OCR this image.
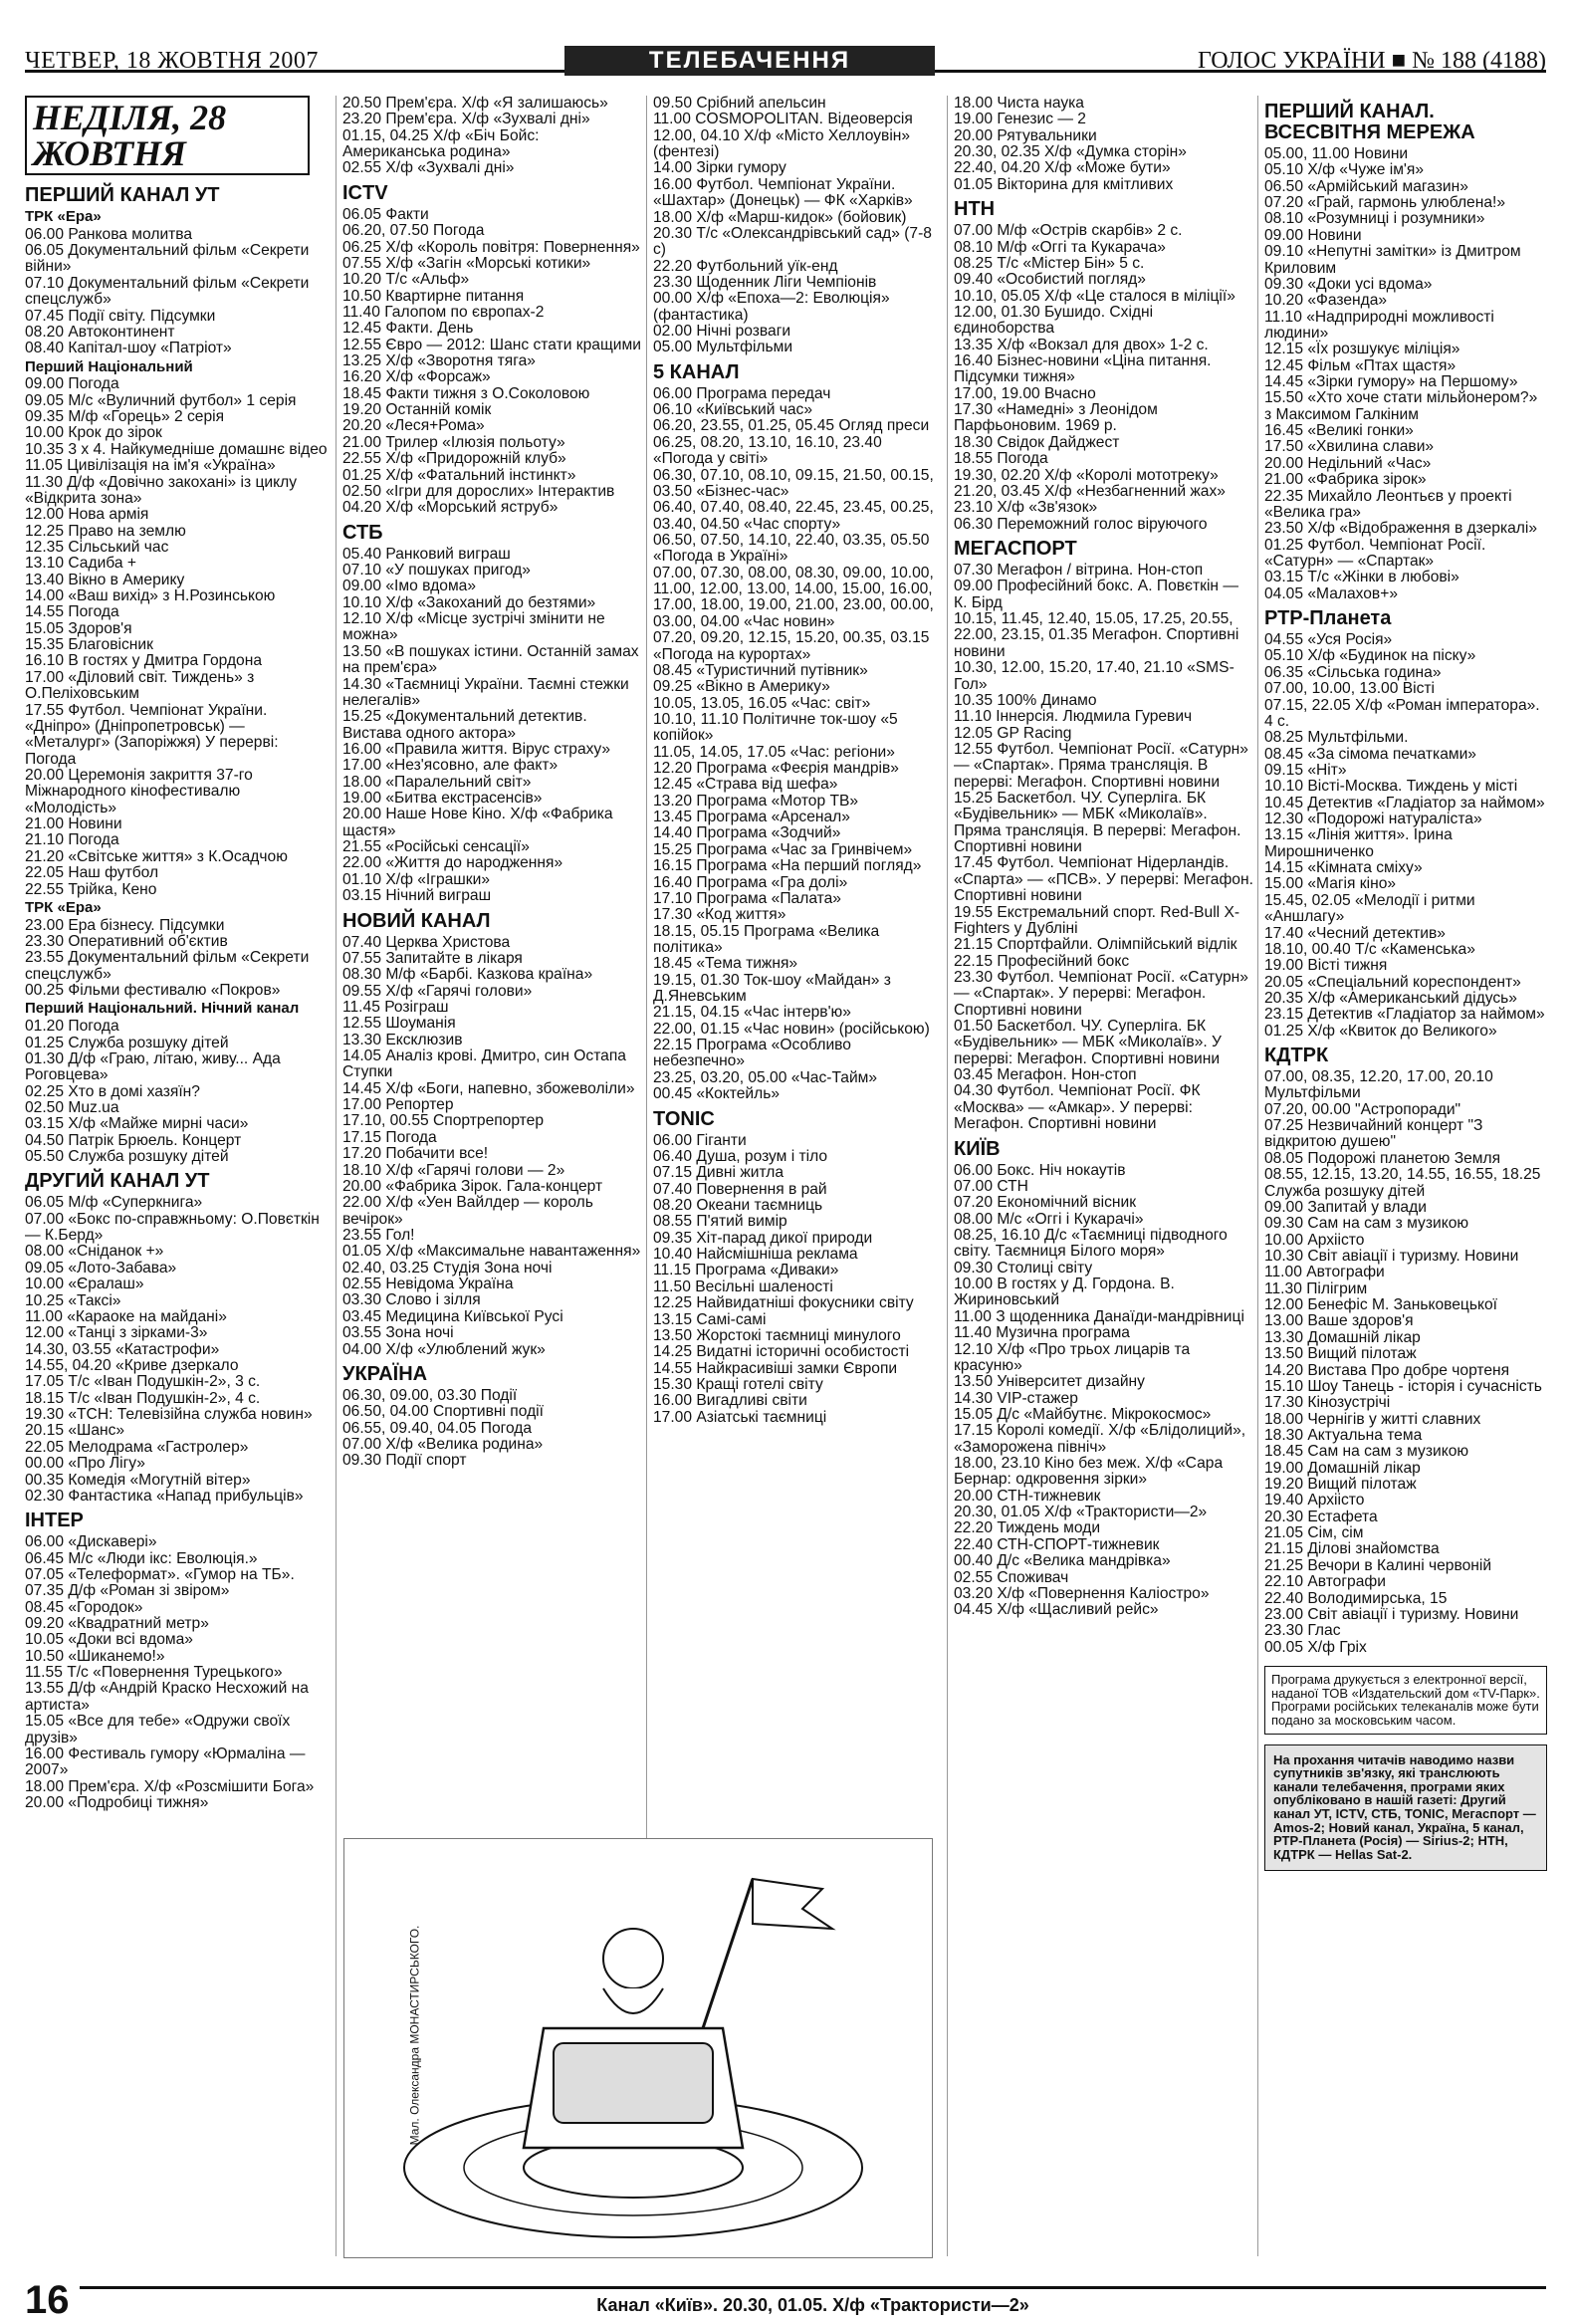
ЧЕТВЕР, 18 ЖОВТНЯ 2007	ТЕЛЕБАЧЕННЯ	ГОЛОС УКРАЇНИ ■ № 188 (4188)
НЕДІЛЯ, 28 ЖОВТНЯ
ПЕРШИЙ КАНАЛ УТ
ТРК «Ера»
06.00 Ранкова молитва
06.05 Документальний фільм «Секрети війни»
07.10 Документальний фільм «Секрети спецслужб»
07.45 Події світу. Підсумки
08.20 Автоконтинент
08.40 Капітал-шоу «Патріот»
Перший Національний
09.00 Погода
09.05 М/с «Вуличний футбол» 1 серія
09.35 М/ф «Горець» 2 серія
10.00 Крок до зірок
10.35 3 х 4. Найкумедніше домашнє відео
11.05 Цивілізація на ім'я «Україна»
11.30 Д/ф «Довічно закохані» із циклу «Відкрита зона»
12.00 Нова армія
12.25 Право на землю
12.35 Сільський час
13.10 Садиба +
13.40 Вікно в Америку
14.00 «Ваш вихід» з Н.Розинською
14.55 Погода
15.05 Здоров'я
15.35 Благовісник
16.10 В гостях у Дмитра Гордона
17.00 «Діловий світ. Тиждень» з О.Пеліховським
17.55 Футбол. Чемпіонат України. «Дніпро» (Дніпропетровськ) — «Металург» (Запоріжжя) У перерві: Погода
20.00 Церемонія закриття 37-го Міжнародного кінофестивалю «Молодість»
21.00 Новини
21.10 Погода
21.20 «Світське життя» з К.Осадчою
22.05 Наш футбол
22.55 Трійка, Кено
ТРК «Ера»
23.00 Ера бізнесу. Підсумки
23.30 Оперативний об'єктив
23.55 Документальний фільм «Секрети спецслужб»
00.25 Фільми фестивалю «Покров»
Перший Національний. Нічний канал
01.20 Погода
01.25 Служба розшуку дітей
01.30 Д/ф «Граю, літаю, живу... Ада Роговцева»
02.25 Хто в домі хазяїн?
02.50 Muz.ua
03.15 Х/ф «Майже мирні часи»
04.50 Патрік Брюель. Концерт
05.50 Служба розшуку дітей
ДРУГИЙ КАНАЛ УТ
06.05 М/ф «Суперкнига»
07.00 «Бокс по-справжньому: О.Повєткін — К.Берд»
08.00 «Сніданок +»
09.05 «Лото-Забава»
10.00 «Єралаш»
10.25 «Таксі»
11.00 «Караоке на майдані»
12.00 «Танці з зірками-3»
14.30, 03.55 «Катастрофи»
14.55, 04.20 «Криве дзеркало
17.05 Т/с «Іван Подушкін-2», 3 с.
18.15 Т/с «Іван Подушкін-2», 4 с.
19.30 «ТСН: Телевізійна служба новин»
20.15 «Шанс»
22.05 Мелодрама «Гастролер»
00.00 «Про Лігу»
00.35 Комедія «Могутній вітер»
02.30 Фантастика «Напад прибульців»
ІНТЕР
06.00 «Дискавері»
06.45 М/с «Люди ікс: Еволюція.»
07.05 «Телеформат». «Гумор на ТБ».
07.35 Д/ф «Роман зі звіром»
08.45 «Городок»
09.20 «Квадратний метр»
10.05 «Доки всі вдома»
10.50 «Шиканемо!»
11.55 Т/с «Повернення Турецького»
13.55 Д/ф «Андрій Краско Несхожий на артиста»
15.05 «Все для тебе» «Одружи своїх друзів»
16.00 Фестиваль гумору «Юрмаліна — 2007»
18.00 Прем'єра. Х/ф «Розсмішити Бога»
20.00 «Подробиці тижня»
20.50 Прем'єра. Х/ф «Я залишаюсь»
23.20 Прем'єра. Х/ф «Зухвалі дні»
01.15, 04.25 Х/ф «Біч Бойс: Американська родина»
02.55 Х/ф «Зухвалі дні»
ICTV
06.05 Факти
06.20, 07.50 Погода
06.25 Х/ф «Король повітря: Повернення»
07.55 Х/ф «Загін «Морські котики»
10.20 Т/с «Альф»
10.50 Квартирне питання
11.40 Галопом по європах-2
12.45 Факти. День
12.55 Євро — 2012: Шанс стати кращими
13.25 Х/ф «Зворотня тяга»
16.20 Х/ф «Форсаж»
18.45 Факти тижня з О.Соколовою
19.20 Останній комік
20.20 «Леся+Рома»
21.00 Трилер «Ілюзія польоту»
22.55 Х/ф «Придорожній клуб»
01.25 Х/ф «Фатальний інстинкт»
02.50 «Ігри для дорослих» Інтерактив
04.20 Х/ф «Морський яструб»
СТБ
05.40 Ранковий виграш
07.10 «У пошуках пригод»
09.00 «Імо вдома»
10.10 Х/ф «Закоханий до безтями»
12.10 Х/ф «Місце зустрічі змінити не можна»
13.50 «В пошуках істини. Останній замах на прем'єра»
14.30 «Таємниці України. Таємні стежки нелегалів»
15.25 «Документальний детектив. Вистава одного актора»
16.00 «Правила життя. Вірус страху»
17.00 «Нез'ясовно, але факт»
18.00 «Паралельний світ»
19.00 «Битва екстрасенсів»
20.00 Наше Нове Кіно. Х/ф «Фабрика щастя»
21.55 «Російські сенсації»
22.00 «Життя до народження»
01.10 Х/ф «Іграшки»
03.15 Нічний виграш
НОВИЙ КАНАЛ
07.40 Церква Христова
07.55 Запитайте в лікаря
08.30 М/ф «Барбі. Казкова країна»
09.55 Х/ф «Гарячі голови»
11.45 Розіграш
12.55 Шоуманія
13.30 Ексклюзив
14.05 Аналіз крові. Дмитро, син Остапа Ступки
14.45 Х/ф «Боги, напевно, збожеволіли»
17.00 Репортер
17.10, 00.55 Спортрепортер
17.15 Погода
17.20 Побачити все!
18.10 Х/ф «Гарячі голови — 2»
20.00 «Фабрика Зірок. Гала-концерт
22.00 Х/ф «Уен Вайлдер — король вечірок»
23.55 Гол!
01.05 Х/ф «Максимальне навантаження»
02.40, 03.25 Студія Зона ночі
02.55 Невідома Україна
03.30 Слово і зілля
03.45 Медицина Київської Русі
03.55 Зона ночі
04.00 Х/ф «Улюблений жук»
УКРАЇНА
06.30, 09.00, 03.30 Події
06.50, 04.00 Спортивні події
06.55, 09.40, 04.05 Погода
07.00 Х/ф «Велика родина»
09.30 Події спорт
09.50 Срібний апельсин
11.00 COSMOPOLITAN. Відеоверсія
12.00, 04.10 Х/ф «Місто Хеллоувін» (фентезі)
14.00 Зірки гумору
16.00 Футбол. Чемпіонат України. «Шахтар» (Донецьк) — ФК «Харків»
18.00 Х/ф «Марш-кидок» (бойовик)
20.30 Т/с «Олександрівський сад» (7-8 с)
22.20 Футбольний уїк-енд
23.30 Щоденник Ліги Чемпіонів
00.00 Х/ф «Епоха—2: Еволюція» (фантастика)
02.00 Нічні розваги
05.00 Мультфільми
5 КАНАЛ
06.00 Програма передач
06.10 «Київський час»
06.20, 23.55, 01.25, 05.45 Огляд преси
06.25, 08.20, 13.10, 16.10, 23.40 «Погода у світі»
06.30, 07.10, 08.10, 09.15, 21.50, 00.15, 03.50 «Бізнес-час»
06.40, 07.40, 08.40, 22.45, 23.45, 00.25, 03.40, 04.50 «Час спорту»
06.50, 07.50, 14.10, 22.40, 03.35, 05.50 «Погода в Україні»
07.00, 07.30, 08.00, 08.30, 09.00, 10.00, 11.00, 12.00, 13.00, 14.00, 15.00, 16.00, 17.00, 18.00, 19.00, 21.00, 23.00, 00.00, 03.00, 04.00 «Час новин»
07.20, 09.20, 12.15, 15.20, 00.35, 03.15 «Погода на курортах»
08.45 «Туристичний путівник»
09.25 «Вікно в Америку»
10.05, 13.05, 16.05 «Час: світ»
10.10, 11.10 Політичне ток-шоу «5 копійок»
11.05, 14.05, 17.05 «Час: регіони»
12.20 Програма «Феєрія мандрів»
12.45 «Страва від шефа»
13.20 Програма «Мотор ТВ»
13.45 Програма «Арсенал»
14.40 Програма «Зодчий»
15.25 Програма «Час за Гринвічем»
16.15 Програма «На перший погляд»
16.40 Програма «Гра долі»
17.10 Програма «Палата»
17.30 «Код життя»
18.15, 05.15 Програма «Велика політика»
18.45 «Тема тижня»
19.15, 01.30 Ток-шоу «Майдан» з Д.Яневським
21.15, 04.15 «Час інтерв'ю»
22.00, 01.15 «Час новин» (російською)
22.15 Програма «Особливо небезпечно»
23.25, 03.20, 05.00 «Час-Тайм»
00.45 «Коктейль»
TONIC
06.00 Гіганти
06.40 Душа, розум і тіло
07.15 Дивні житла
07.40 Повернення в рай
08.20 Океани таємниць
08.55 П'ятий вимір
09.35 Хіт-парад дикої природи
10.40 Найсмішніша реклама
11.15 Програма «Диваки»
11.50 Весільні шаленості
12.25 Найвидатніші фокусники світу
13.15 Самі-самі
13.50 Жорстокі таємниці минулого
14.25 Видатні історичні особистості
14.55 Найкрасивіші замки Європи
15.30 Кращі готелі світу
16.00 Вигадливі світи
17.00 Азіатські таємниці
18.00 Чиста наука
19.00 Генезис — 2
20.00 Рятувальники
20.30, 02.35 Х/ф «Думка сторін»
22.40, 04.20 Х/ф «Може бути»
01.05 Вікторина для кмітливих
НТН
07.00 М/ф «Острів скарбів» 2 с.
08.10 М/ф «Оггі та Кукарача»
08.25 Т/с «Містер Бін» 5 с.
09.40 «Особистий погляд»
10.10, 05.05 Х/ф «Це сталося в міліції»
12.00, 01.30 Бушидо. Східні єдиноборства
13.35 Х/ф «Вокзал для двох» 1-2 с.
16.40 Бізнес-новини «Ціна питання. Підсумки тижня»
17.00, 19.00 Вчасно
17.30 «Намедні» з Леонідом Парфьоновим. 1969 р.
18.30 Свідок Дайджест
18.55 Погода
19.30, 02.20 Х/ф «Королі мототреку»
21.20, 03.45 Х/ф «Незбагненний жах»
23.10 Х/ф «Зв'язок»
06.30 Переможний голос віруючого
МЕГАСПОРТ
07.30 Мегафон / вітрина. Нон-стоп
09.00 Професійний бокс. А. Повєткін — К. Бірд
10.15, 11.45, 12.40, 15.05, 17.25, 20.55, 22.00, 23.15, 01.35 Мегафон. Спортивні новини
10.30, 12.00, 15.20, 17.40, 21.10 «SMS-Гол»
10.35 100% Динамо
11.10 Іннерсія. Людмила Гуревич
12.05 GP Racing
12.55 Футбол. Чемпіонат Росії. «Сатурн» — «Спартак». Пряма трансляція. В перерві: Мегафон. Спортивні новини
15.25 Баскетбол. ЧУ. Суперліга. БК «Будівельник» — МБК «Миколаїв». Пряма трансляція. В перерві: Мегафон. Спортивні новини
17.45 Футбол. Чемпіонат Нідерландів. «Спарта» — «ПСВ». У перерві: Мегафон. Спортивні новини
19.55 Екстремальний спорт. Red-Bull X-Fighters у Дубліні
21.15 Спортфайли. Олімпійський відлік
22.15 Професійний бокс
23.30 Футбол. Чемпіонат Росії. «Сатурн» — «Спартак». У перерві: Мегафон. Спортивні новини
01.50 Баскетбол. ЧУ. Суперліга. БК «Будівельник» — МБК «Миколаїв». У перерві: Мегафон. Спортивні новини
03.45 Мегафон. Нон-стоп
04.30 Футбол. Чемпіонат Росії. ФК «Москва» — «Амкар». У перерві: Мегафон. Спортивні новини
КИЇВ
06.00 Бокс. Ніч нокаутів
07.00 СТН
07.20 Економічний вісник
08.00 М/с «Оггі і Кукарачі»
08.25, 16.10 Д/с «Таємниці підводного світу. Таємниця Білого моря»
09.30 Столиці світу
10.00 В гостях у Д. Гордона. В. Жириновський
11.00 З щоденника Данаїди-мандрівниці
11.40 Музична програма
12.10 Х/ф «Про трьох лицарів та красуню»
13.50 Університет дизайну
14.30 VIP-стажер
15.05 Д/с «Майбутнє. Мікрокосмос»
17.15 Королі комедії. Х/ф «Блідолиций», «Заморожена північ»
18.00, 23.10 Кіно без меж. Х/ф «Сара Бернар: одкровення зірки»
20.00 СТН-тижневик
20.30, 01.05 Х/ф «Трактористи—2»
22.20 Тиждень моди
22.40 СТН-СПОРТ-тижневик
00.40 Д/с «Велика мандрівка»
02.55 Споживач
03.20 Х/ф «Повернення Каліостро»
04.45 Х/ф «Щасливий рейс»
ПЕРШИЙ КАНАЛ. ВСЕСВІТНЯ МЕРЕЖА
05.00, 11.00 Новини
05.10 Х/ф «Чуже ім'я»
06.50 «Армійський магазин»
07.20 «Грай, гармонь улюблена!»
08.10 «Розумниці і розумники»
09.00 Новини
09.10 «Непутні замітки» із Дмитром Криловим
09.30 «Доки усі вдома»
10.20 «Фазенда»
11.10 «Надприродні можливості людини»
12.15 «Їх розшукує міліція»
12.45 Фільм «Птах щастя»
14.45 «Зірки гумору» на Першому»
15.50 «Хто хоче стати мільйонером?» з Максимом Галкіним
16.45 «Великі гонки»
17.50 «Хвилина слави»
20.00 Недільний «Час»
21.00 «Фабрика зірок»
22.35 Михайло Леонтьєв у проекті «Велика гра»
23.50 Х/ф «Відображення в дзеркалі»
01.25 Футбол. Чемпіонат Росії. «Сатурн» — «Спартак»
03.15 Т/с «Жінки в любові»
04.05 «Малахов+»
РТР-Планета
04.55 «Уся Росія»
05.10 Х/ф «Будинок на піску»
06.35 «Сільська година»
07.00, 10.00, 13.00 Вісті
07.15, 22.05 Х/ф «Роман імператора». 4 с.
08.25 Мультфільми.
08.45 «За сімома печатками»
09.15 «Ніт»
10.10 Вісті-Москва. Тиждень у місті
10.45 Детектив «Гладіатор за наймом»
12.30 «Подорожі натураліста»
13.15 «Лінія життя». Ірина Мирошниченко
14.15 «Кімната сміху»
15.00 «Магія кіно»
15.45, 02.05 «Мелодії і ритми «Аншлагу»
17.40 «Чесний детектив»
18.10, 00.40 Т/с «Каменська»
19.00 Вісті тижня
20.05 «Спеціальний кореспондент»
20.35 Х/ф «Американський дідусь»
23.15 Детектив «Гладіатор за наймом»
01.25 Х/ф «Квиток до Великого»
КДТРК
07.00, 08.35, 12.20, 17.00, 20.10 Мультфільми
07.20, 00.00 "Астропоради"
07.25 Незвичайний концерт "З відкритою душею"
08.05 Подорожі планетою Земля
08.55, 12.15, 13.20, 14.55, 16.55, 18.25 Служба розшуку дітей
09.00 Запитай у влади
09.30 Сам на сам з музикою
10.00 Архіісто
10.30 Світ авіації і туризму. Новини
11.00 Автографи
11.30 Пілігрим
12.00 Бенефіс М. Заньковецької
13.00 Ваше здоров'я
13.30 Домашній лікар
13.50 Вищий пілотаж
14.20 Вистава Про добре чортеня
15.10 Шоу Танець - історія і сучасність
17.30 Кінозустрічі
18.00 Чернігів у житті славних
18.30 Актуальна тема
18.45 Сам на сам з музикою
19.00 Домашній лікар
19.20 Вищий пілотаж
19.40 Архіісто
20.30 Естафета
21.05 Сім, сім
21.15 Ділові знайомства
21.25 Вечори в Калині червоній
22.10 Автографи
22.40 Володимирська, 15
23.00 Світ авіації і туризму. Новини
23.30 Глас
00.05 Х/ф Гріх
Програма друкується з електронної версії, наданої ТОВ «Издательский дом «TV-Парк». Програми російських телеканалів може бути подано за московським часом.
На прохання читачів наводимо назви супутників зв'язку, які транслюють канали телебачення, програми яких опубліковано в нашій газеті: Другий канал УТ, ICTV, СТБ, TONIC, Мегаспорт — Amos-2; Новий канал, Україна, 5 канал, РТР-Планета (Росія) — Sirius-2; НТН, КДТРК — Hellas Sat-2.
Мал. Олександра МОНАСТИРСЬКОГО.
16	Канал «Київ». 20.30, 01.05. Х/ф «Трактористи—2»
